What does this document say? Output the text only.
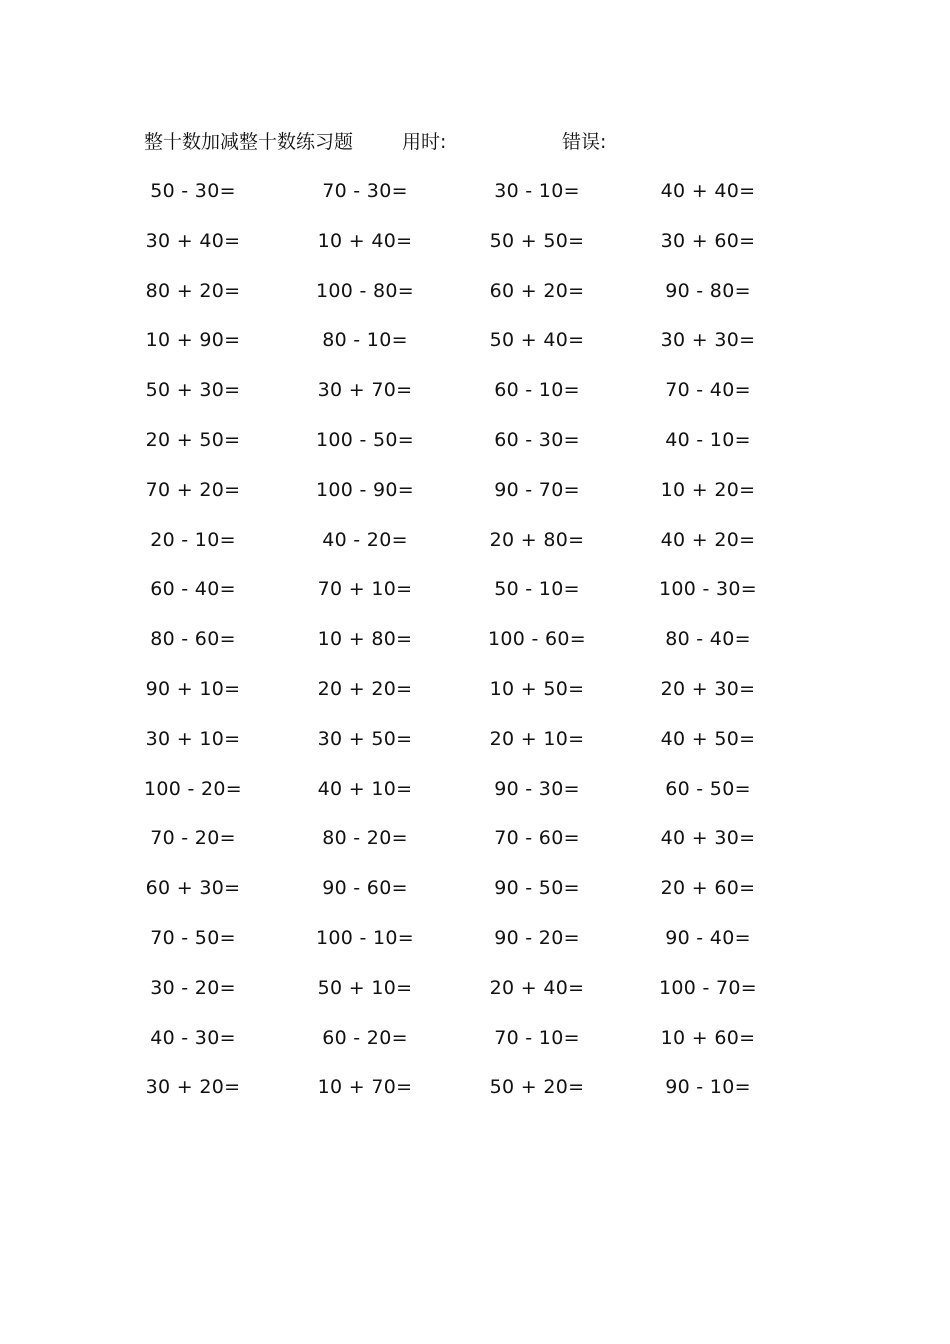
整十数加减整十数练习题	用时:	错误:
50 - 30=	70 - 30=	30 - 10=	40 + 40=
30 + 40=	10 + 40=	50 + 50=	30 + 60=
80 + 20=	100 - 80=	60 + 20=	90 - 80=
10 + 90=	80 - 10=	50 + 40=	30 + 30=
50 + 30=	30 + 70=	60 - 10=	70 - 40=
20 + 50=	100 - 50=	60 - 30=	40 - 10=
70 + 20=	100 - 90=	90 - 70=	10 + 20=
20 - 10=	40 - 20=	20 + 80=	40 + 20=
60 - 40=	70 + 10=	50 - 10=	100 - 30=
80 - 60=	10 + 80=	100 - 60=	80 - 40=
90 + 10=	20 + 20=	10 + 50=	20 + 30=
30 + 10=	30 + 50=	20 + 10=	40 + 50=
100 - 20=	40 + 10=	90 - 30=	60 - 50=
70 - 20=	80 - 20=	70 - 60=	40 + 30=
60 + 30=	90 - 60=	90 - 50=	20 + 60=
70 - 50=	100 - 10=	90 - 20=	90 - 40=
30 - 20=	50 + 10=	20 + 40=	100 - 70=
40 - 30=	60 - 20=	70 - 10=	10 + 60=
30 + 20=	10 + 70=	50 + 20=	90 - 10=
